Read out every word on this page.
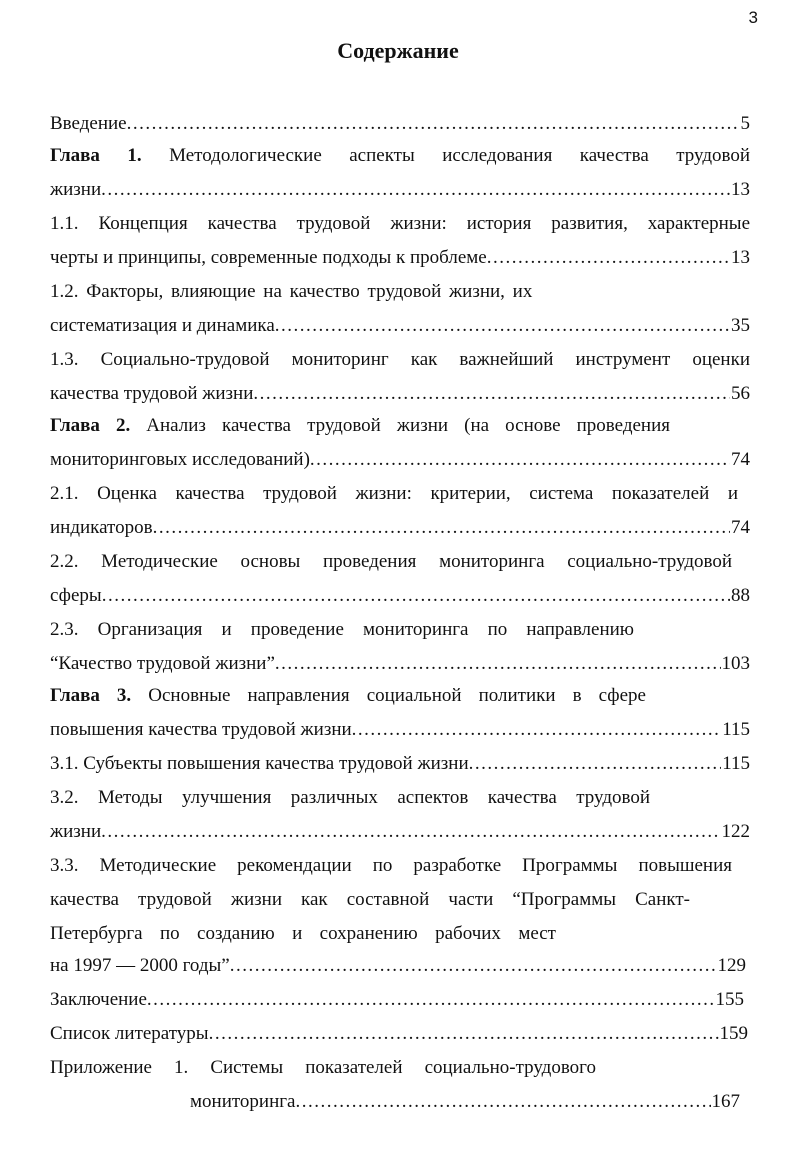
3
Содержание
Введение .....	5
Глава 1. Методологические аспекты исследования качества трудовой
жизни .....	13
1.1. Концепция качества трудовой жизни: история развития, характерные
черты и принципы, современные подходы к проблеме .....	13
1.2. Факторы, влияющие на качество трудовой жизни, их
систематизация и динамика .....	35
1.3. Социально-трудовой мониторинг как важнейший инструмент оценки
качества трудовой жизни .....	56
Глава 2. Анализ качества трудовой жизни (на основе проведения
мониторинговых исследований) .....	74
2.1. Оценка качества трудовой жизни: критерии, система показателей и
индикаторов .....	74
2.2. Методические основы проведения мониторинга социально-трудовой
сферы .....	88
2.3. Организация и проведение мониторинга по направлению
“Качество трудовой жизни” .....	103
Глава 3. Основные направления социальной политики в сфере
повышения качества трудовой жизни .....	115
3.1. Субъекты повышения качества трудовой жизни .....	115
3.2. Методы улучшения различных аспектов качества трудовой
жизни .....	122
3.3. Методические рекомендации по разработке Программы повышения
качества трудовой жизни как составной части “Программы Санкт-
Петербурга по созданию и сохранению рабочих мест
на 1997 — 2000 годы” .....	129
Заключение .....	155
Список литературы .....	159
Приложение 1. Системы показателей социально-трудового
мониторинга .....	167
